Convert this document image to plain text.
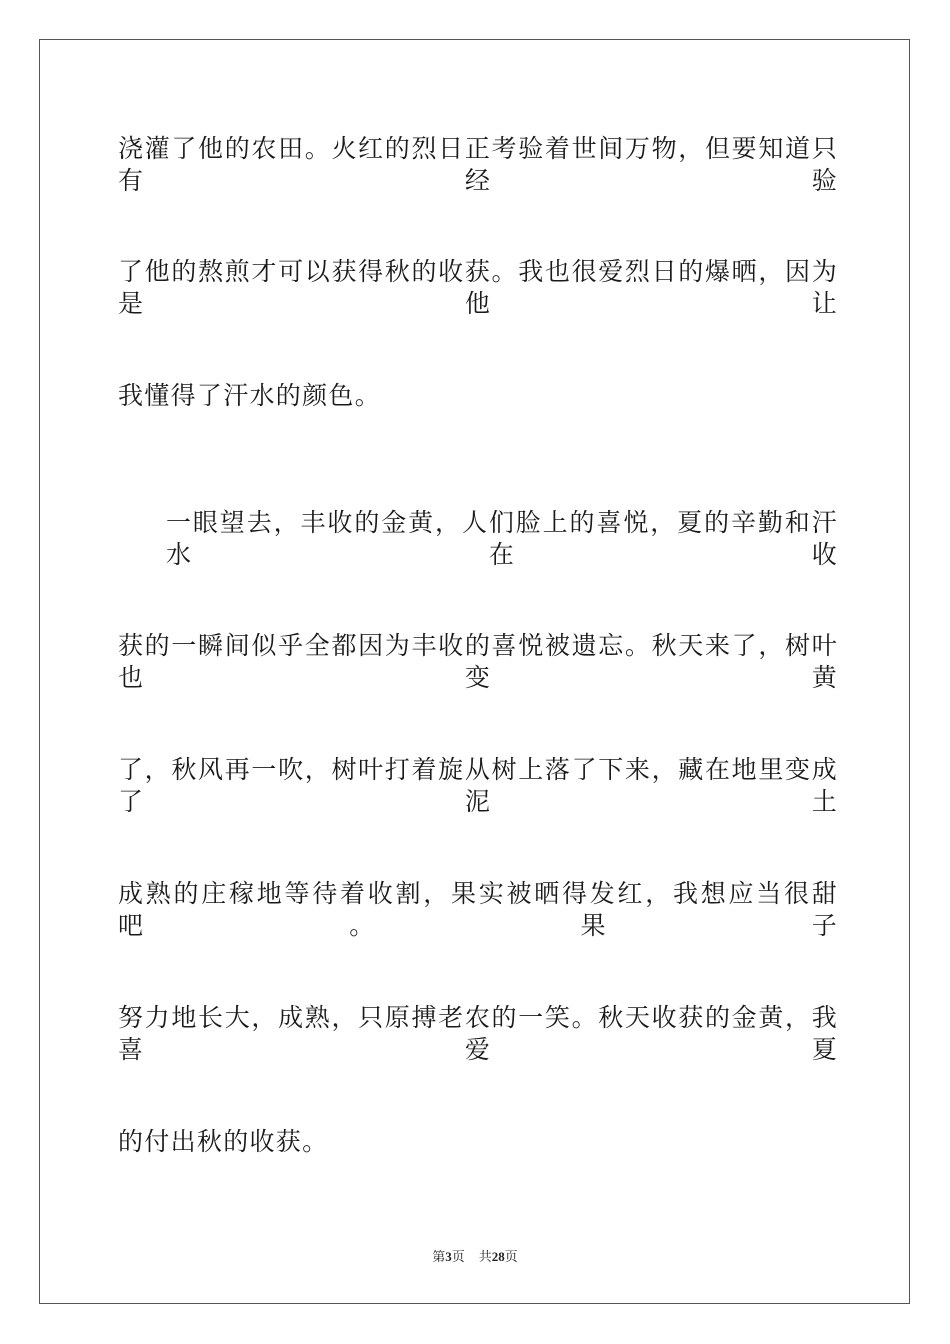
浇灌了他的农田。火红的烈日正考验着世间万物，但要知道只有经验
了他的熬煎才可以获得秋的收获。我也很爱烈日的爆晒，因为是他让
我懂得了汗水的颜色。
一眼望去，丰收的金黄，人们脸上的喜悦，夏的辛勤和汗水在收
获的一瞬间似乎全都因为丰收的喜悦被遗忘。秋天来了，树叶也变黄
了，秋风再一吹，树叶打着旋从树上落了下来，藏在地里变成了泥土
成熟的庄稼地等待着收割，果实被晒得发红，我想应当很甜吧。果子
努力地长大，成熟，只原搏老农的一笑。秋天收获的金黄，我喜爱夏
的付出秋的收获。
第3页 共28页
